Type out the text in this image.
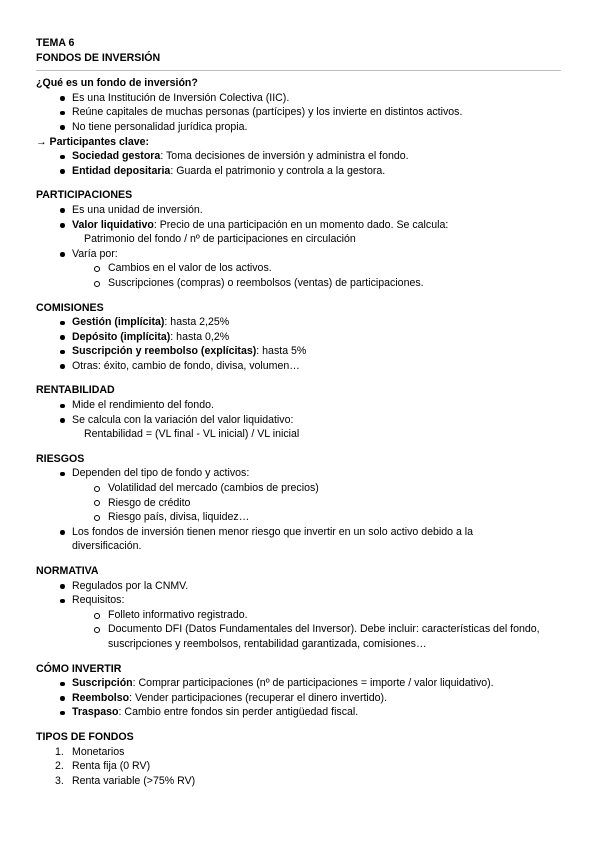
TEMA 6
FONDOS DE INVERSIÓN
¿Qué es un fondo de inversión?
Es una Institución de Inversión Colectiva (IIC).
Reúne capitales de muchas personas (partícipes) y los invierte en distintos activos.
No tiene personalidad jurídica propia.
→ Participantes clave:
Sociedad gestora: Toma decisiones de inversión y administra el fondo.
Entidad depositaria: Guarda el patrimonio y controla a la gestora.
PARTICIPACIONES
Es una unidad de inversión.
Valor liquidativo: Precio de una participación en un momento dado. Se calcula:
Patrimonio del fondo / nº de participaciones en circulación
Varía por:
Cambios en el valor de los activos.
Suscripciones (compras) o reembolsos (ventas) de participaciones.
COMISIONES
Gestión (implícita): hasta 2,25%
Depósito (implícita): hasta 0,2%
Suscripción y reembolso (explícitas): hasta 5%
Otras: éxito, cambio de fondo, divisa, volumen…
RENTABILIDAD
Mide el rendimiento del fondo.
Se calcula con la variación del valor liquidativo:
Rentabilidad = (VL final - VL inicial) / VL inicial
RIESGOS
Dependen del tipo de fondo y activos:
Volatilidad del mercado (cambios de precios)
Riesgo de crédito
Riesgo país, divisa, liquidez…
Los fondos de inversión tienen menor riesgo que invertir en un solo activo debido a la
diversificación.
NORMATIVA
Regulados por la CNMV.
Requisitos:
Folleto informativo registrado.
Documento DFI (Datos Fundamentales del Inversor). Debe incluir: características del fondo,
suscripciones y reembolsos, rentabilidad garantizada, comisiones…
CÓMO INVERTIR
Suscripción: Comprar participaciones (nº de participaciones = importe / valor liquidativo).
Reembolso: Vender participaciones (recuperar el dinero invertido).
Traspaso: Cambio entre fondos sin perder antigüedad fiscal.
TIPOS DE FONDOS
1. Monetarios
2. Renta fija (0 RV)
3. Renta variable (>75% RV)
